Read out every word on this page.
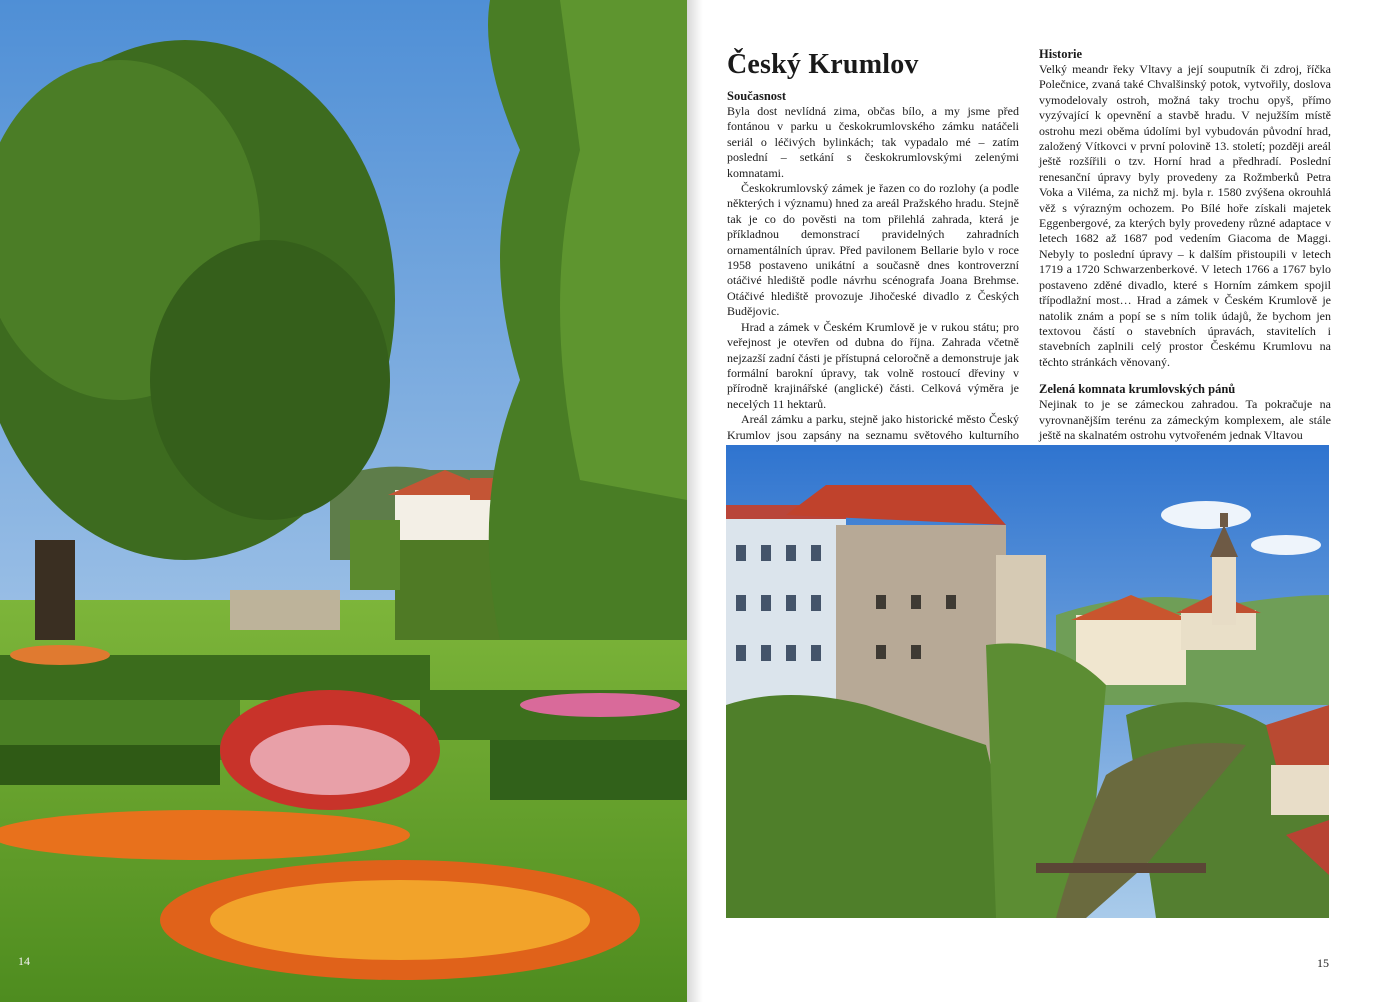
14
Český Krumlov

Současnost

Byla dost nevlídná zima, občas bílo, a my jsme před fontánou v parku u českokrumlovského zámku natáčeli seriál o léčivých bylinkách; tak vypadalo mé – zatím poslední – setkání s českokrumlovskými zelenými komnatami.

Českokrumlovský zámek je řazen co do rozlohy (a podle některých i významu) hned za areál Pražského hradu. Stejně tak je co do pověsti na tom přilehlá zahrada, která je příkladnou demonstrací pravidelných zahradních ornamentálních úprav. Před pavilonem Bellarie bylo v roce 1958 postaveno unikátní a současně dnes kontroverzní otáčivé hlediště podle návrhu scénografa Joana Brehmse. Otáčivé hlediště provozuje Jihočeské divadlo z Českých Budějovic.

Hrad a zámek v Českém Krumlově je v rukou státu; pro veřejnost je otevřen od dubna do října. Zahrada včetně nejzazší zadní části je přístupná celoročně a demonstruje jak formální barokní úpravy, tak volně rostoucí dřeviny v přírodně krajinářské (anglické) části. Celková výměra je necelých 11 hektarů.

Areál zámku a parku, stejně jako historické město Český Krumlov jsou zapsány na seznamu světového kulturního

Historie

Velký meandr řeky Vltavy a její souputník či zdroj, říčka Polečnice, zvaná také Chvalšinský potok, vytvořily, doslova vymodelovaly ostroh, možná taky trochu opyš, přímo vyzývající k opevnění a stavbě hradu. V nejužším místě ostrohu mezi oběma údolími byl vybudován původní hrad, založený Vítkovci v první polovině 13. století; později areál ještě rozšířili o tzv. Horní hrad a předhradí. Poslední renesanční úpravy byly provedeny za Rožmberků Petra Voka a Viléma, za nichž mj. byla r. 1580 zvýšena okrouhlá věž s výrazným ochozem. Po Bílé hoře získali majetek Eggenbergové, za kterých byly provedeny různé adaptace v letech 1682 až 1687 pod vedením Giacoma de Maggi. Nebyly to poslední úpravy – k dalším přistoupili v letech 1719 a 1720 Schwarzenberkové. V letech 1766 a 1767 bylo postaveno zděné divadlo, které s Horním zámkem spojil třípodlažní most… Hrad a zámek v Českém Krumlově je natolik znám a popí se s ním tolik údajů, že bychom jen textovou částí o stavebních úpravách, stavitelích i stavebních zaplnili celý prostor Českému Krumlovu na těchto stránkách věnovaný.

Zelená komnata krumlovských pánů

Nejinak to je se zámeckou zahradou. Ta pokračuje na vyrovnanějším terénu za zámeckým komplexem, ale stále ještě na skalnatém ostrohu vytvořeném jednak Vltavou

15
